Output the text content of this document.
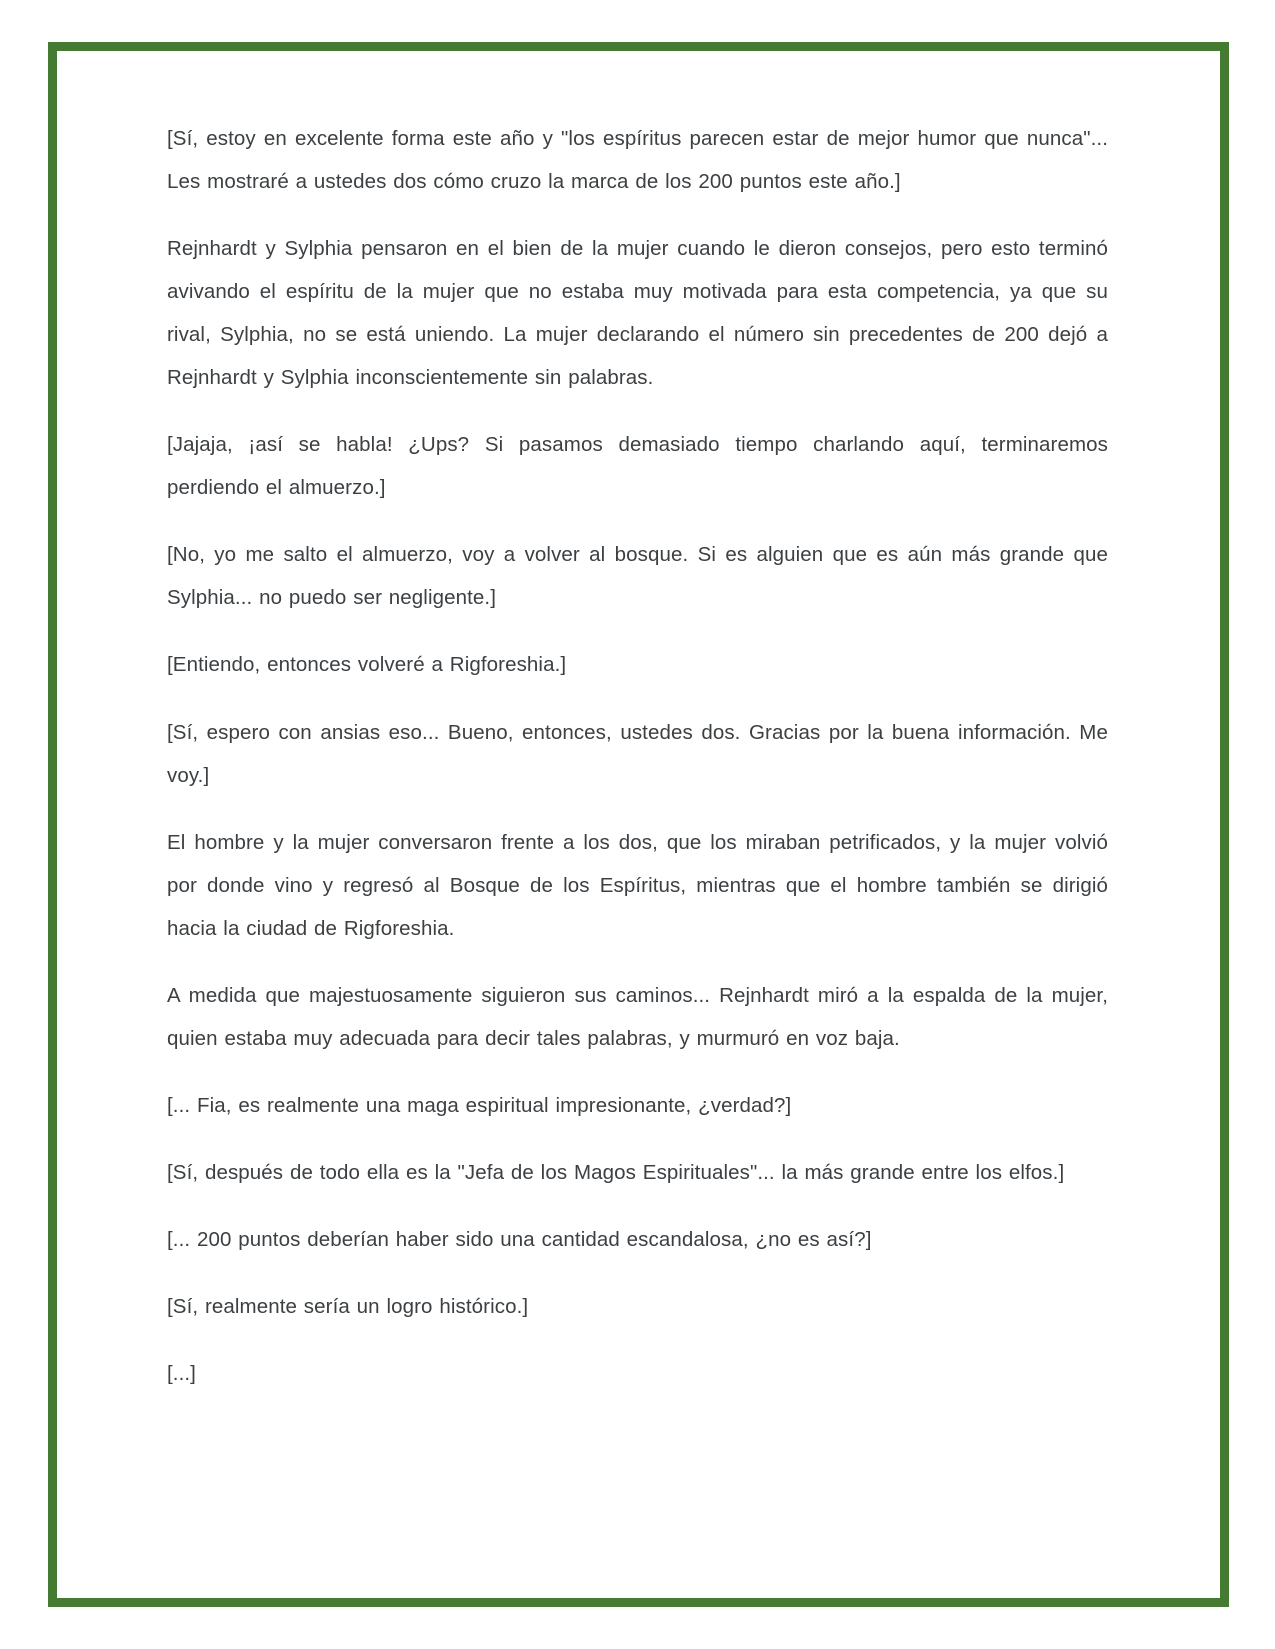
[Sí, estoy en excelente forma este año y "los espíritus parecen estar de mejor humor que nunca"... Les mostraré a ustedes dos cómo cruzo la marca de los 200 puntos este año.]

Rejnhardt y Sylphia pensaron en el bien de la mujer cuando le dieron consejos, pero esto terminó avivando el espíritu de la mujer que no estaba muy motivada para esta competencia, ya que su rival, Sylphia, no se está uniendo. La mujer declarando el número sin precedentes de 200 dejó a Rejnhardt y Sylphia inconscientemente sin palabras.

[Jajaja, ¡así se habla! ¿Ups? Si pasamos demasiado tiempo charlando aquí, terminaremos perdiendo el almuerzo.]

[No, yo me salto el almuerzo, voy a volver al bosque. Si es alguien que es aún más grande que Sylphia... no puedo ser negligente.]

[Entiendo, entonces volveré a Rigforeshia.]

[Sí, espero con ansias eso... Bueno, entonces, ustedes dos. Gracias por la buena información. Me voy.]

El hombre y la mujer conversaron frente a los dos, que los miraban petrificados, y la mujer volvió por donde vino y regresó al Bosque de los Espíritus, mientras que el hombre también se dirigió hacia la ciudad de Rigforeshia.

A medida que majestuosamente siguieron sus caminos... Rejnhardt miró a la espalda de la mujer, quien estaba muy adecuada para decir tales palabras, y murmuró en voz baja.

[... Fia, es realmente una maga espiritual impresionante, ¿verdad?]

[Sí, después de todo ella es la "Jefa de los Magos Espirituales"... la más grande entre los elfos.]

[... 200 puntos deberían haber sido una cantidad escandalosa, ¿no es así?]

[Sí, realmente sería un logro histórico.]

[...]
